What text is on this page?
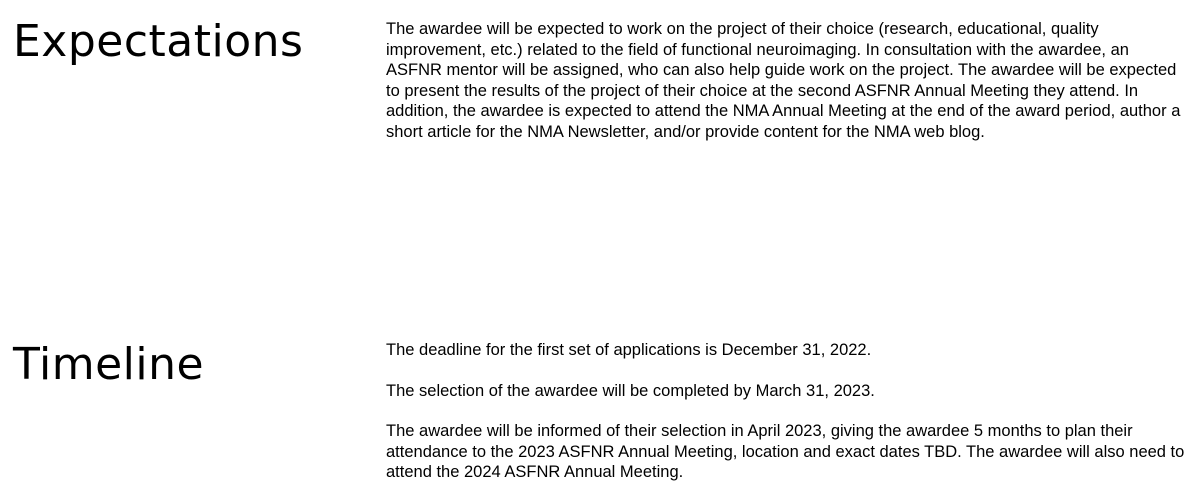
Expectations	The awardee will be expected to work on the project of their choice (research, educational, quality improvement, etc.) related to the field of functional neuroimaging. In consultation with the awardee, an ASFNR mentor will be assigned, who can also help guide work on the project. The awardee will be expected to present the results of the project of their choice at the second ASFNR Annual Meeting they attend. In addition, the awardee is expected to attend the NMA Annual Meeting at the end of the award period, author a short article for the NMA Newsletter, and/or provide content for the NMA web blog.

Timeline	The deadline for the first set of applications is December 31, 2022.

The selection of the awardee will be completed by March 31, 2023.

The awardee will be informed of their selection in April 2023, giving the awardee 5 months to plan their attendance to the 2023 ASFNR Annual Meeting, location and exact dates TBD. The awardee will also need to attend the 2024 ASFNR Annual Meeting.
